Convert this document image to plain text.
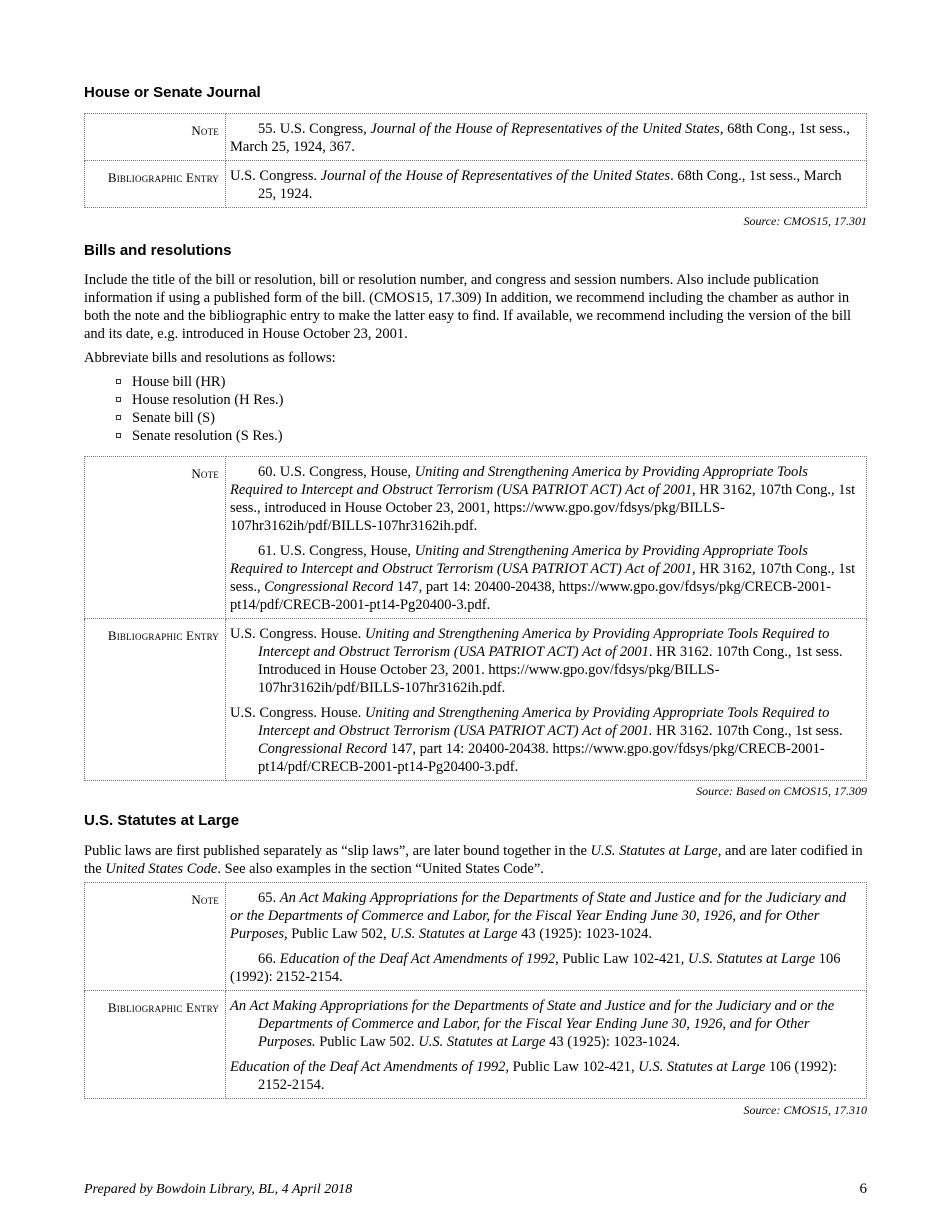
House or Senate Journal
Note	55. U.S. Congress, Journal of the House of Representatives of the United States, 68th Cong., 1st sess., March 25, 1924, 367.

Bibliographic Entry	U.S. Congress. Journal of the House of Representatives of the United States. 68th Cong., 1st sess., March 25, 1924.

Source: CMOS15, 17.301
Bills and resolutions

Include the title of the bill or resolution, bill or resolution number, and congress and session numbers. Also include publication information if using a published form of the bill. (CMOS15, 17.309) In addition, we recommend including the chamber as author in both the note and the bibliographic entry to make the latter easy to find. If available, we recommend including the version of the bill and its date, e.g. introduced in House October 23, 2001.

Abbreviate bills and resolutions as follows:

House bill (HR)
House resolution (H Res.)
Senate bill (S)
Senate resolution (S Res.)
Note	60. U.S. Congress, House, Uniting and Strengthening America by Providing Appropriate Tools Required to Intercept and Obstruct Terrorism (USA PATRIOT ACT) Act of 2001, HR 3162, 107th Cong., 1st sess., introduced in House October 23, 2001, https://www.gpo.gov/fdsys/pkg/BILLS-107hr3162ih/pdf/BILLS-107hr3162ih.pdf.

61. U.S. Congress, House, Uniting and Strengthening America by Providing Appropriate Tools Required to Intercept and Obstruct Terrorism (USA PATRIOT ACT) Act of 2001, HR 3162, 107th Cong., 1st sess., Congressional Record 147, part 14: 20400-20438, https://www.gpo.gov/fdsys/pkg/CRECB-2001-pt14/pdf/CRECB-2001-pt14-Pg20400-3.pdf.

Bibliographic Entry	U.S. Congress. House. Uniting and Strengthening America by Providing Appropriate Tools Required to Intercept and Obstruct Terrorism (USA PATRIOT ACT) Act of 2001. HR 3162. 107th Cong., 1st sess. Introduced in House October 23, 2001. https://www.gpo.gov/fdsys/pkg/BILLS-107hr3162ih/pdf/BILLS-107hr3162ih.pdf.

U.S. Congress. House. Uniting and Strengthening America by Providing Appropriate Tools Required to Intercept and Obstruct Terrorism (USA PATRIOT ACT) Act of 2001. HR 3162. 107th Cong., 1st sess. Congressional Record 147, part 14: 20400-20438. https://www.gpo.gov/fdsys/pkg/CRECB-2001-pt14/pdf/CRECB-2001-pt14-Pg20400-3.pdf.

Source: Based on CMOS15, 17.309
U.S. Statutes at Large

Public laws are first published separately as “slip laws”, are later bound together in the U.S. Statutes at Large, and are later codified in the United States Code. See also examples in the section “United States Code”.

Note	65. An Act Making Appropriations for the Departments of State and Justice and for the Judiciary and or the Departments of Commerce and Labor, for the Fiscal Year Ending June 30, 1926, and for Other Purposes, Public Law 502, U.S. Statutes at Large 43 (1925): 1023-1024.

66. Education of the Deaf Act Amendments of 1992, Public Law 102-421, U.S. Statutes at Large 106 (1992): 2152-2154.

Bibliographic Entry	An Act Making Appropriations for the Departments of State and Justice and for the Judiciary and or the Departments of Commerce and Labor, for the Fiscal Year Ending June 30, 1926, and for Other Purposes. Public Law 502. U.S. Statutes at Large 43 (1925): 1023-1024.

Education of the Deaf Act Amendments of 1992, Public Law 102-421, U.S. Statutes at Large 106 (1992): 2152-2154.

Source: CMOS15, 17.310
Prepared by Bowdoin Library, BL, 4 April 2018	6
